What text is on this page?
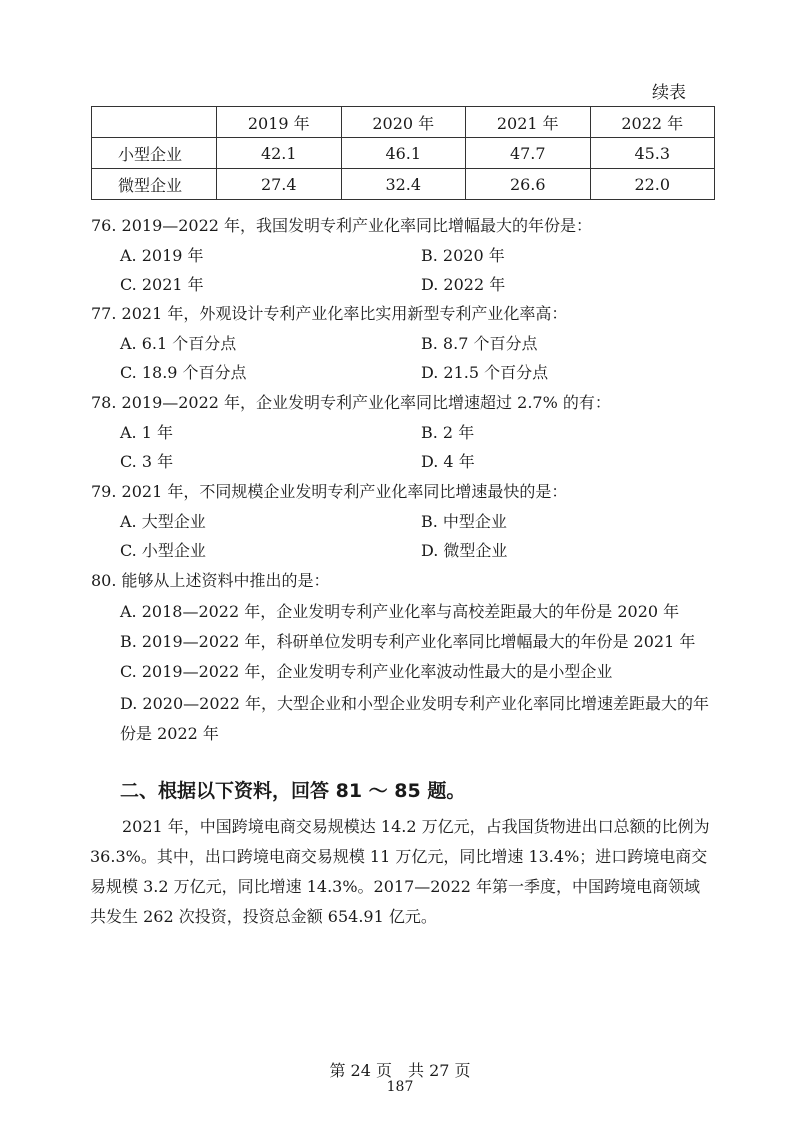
续表
	2019 年	2020 年	2021 年	2022 年
小型企业	42.1	46.1	47.7	45.3
微型企业	27.4	32.4	26.6	22.0
76. 2019—2022 年，我国发明专利产业化率同比增幅最大的年份是：
A. 2019 年	B. 2020 年
C. 2021 年	D. 2022 年
77. 2021 年，外观设计专利产业化率比实用新型专利产业化率高：
A. 6.1 个百分点	B. 8.7 个百分点
C. 18.9 个百分点	D. 21.5 个百分点
78. 2019—2022 年，企业发明专利产业化率同比增速超过 2.7% 的有：
A. 1 年	B. 2 年
C. 3 年	D. 4 年
79. 2021 年，不同规模企业发明专利产业化率同比增速最快的是：
A. 大型企业	B. 中型企业
C. 小型企业	D. 微型企业
80. 能够从上述资料中推出的是：
A. 2018—2022 年，企业发明专利产业化率与高校差距最大的年份是 2020 年
B. 2019—2022 年，科研单位发明专利产业化率同比增幅最大的年份是 2021 年
C. 2019—2022 年，企业发明专利产业化率波动性最大的是小型企业
D. 2020—2022 年，大型企业和小型企业发明专利产业化率同比增速差距最大的年份是 2022 年
二、根据以下资料，回答 81 ～ 85 题。
2021 年，中国跨境电商交易规模达 14.2 万亿元，占我国货物进出口总额的比例为 36.3%。其中，出口跨境电商交易规模 11 万亿元，同比增速 13.4%；进口跨境电商交易规模 3.2 万亿元，同比增速 14.3%。2017—2022 年第一季度，中国跨境电商领域共发生 262 次投资，投资总金额 654.91 亿元。
第 24 页　共 27 页
187
